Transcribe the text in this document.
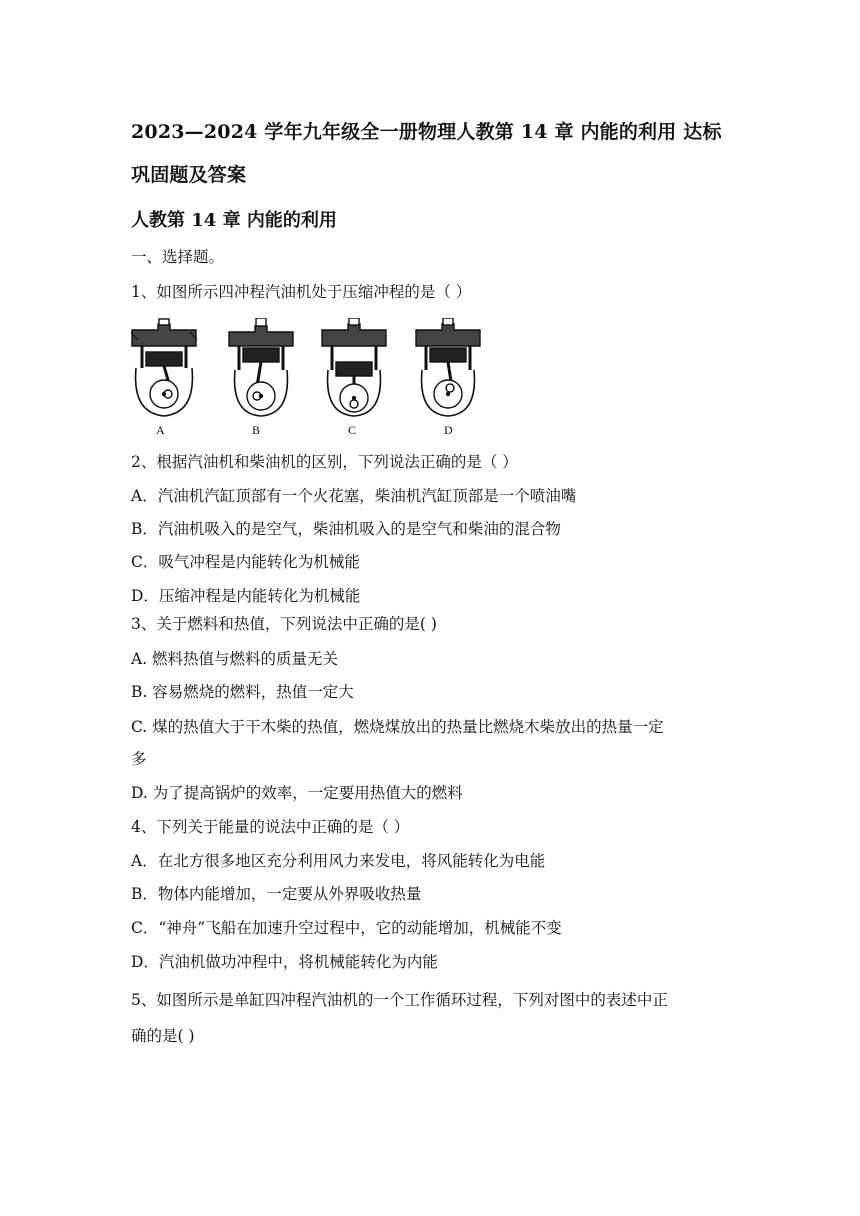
2023—2024 学年九年级全一册物理人教第 14 章 内能的利用 达标
巩固题及答案
人教第 14 章 内能的利用
一、选择题。
1、如图所示四冲程汽油机处于压缩冲程的是（ ）
A	B	C	D
2、根据汽油机和柴油机的区别，下列说法正确的是（ ）
A．汽油机汽缸顶部有一个火花塞，柴油机汽缸顶部是一个喷油嘴
B．汽油机吸入的是空气，柴油机吸入的是空气和柴油的混合物
C．吸气冲程是内能转化为机械能
D．压缩冲程是内能转化为机械能
3、关于燃料和热值，下列说法中正确的是( )
A. 燃料热值与燃料的质量无关
B. 容易燃烧的燃料，热值一定大
C. 煤的热值大于干木柴的热值，燃烧煤放出的热量比燃烧木柴放出的热量一定
多
D. 为了提高锅炉的效率，一定要用热值大的燃料
4、下列关于能量的说法中正确的是（ ）
A．在北方很多地区充分利用风力来发电，将风能转化为电能
B．物体内能增加，一定要从外界吸收热量
C．“神舟”飞船在加速升空过程中，它的动能增加，机械能不变
D．汽油机做功冲程中，将机械能转化为内能
5、如图所示是单缸四冲程汽油机的一个工作循环过程，下列对图中的表述中正
确的是( )
